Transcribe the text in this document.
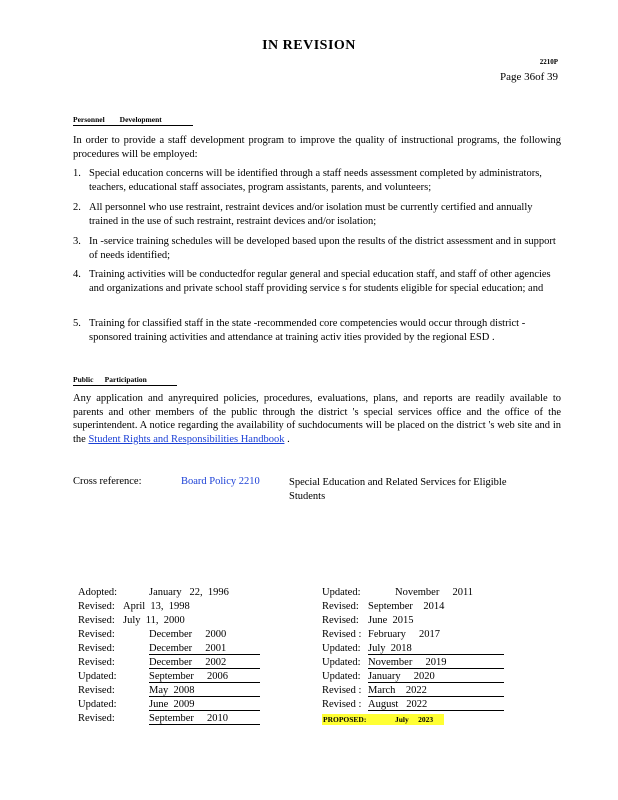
IN REVISION
2210P
Page 36of 39
Personnel        Development
In order to provide a staff development program to improve the quality of instructional programs, the following procedures will be employed:
1. Special education concerns will be identified through a staff needs assessment completed by administrators, teachers, educational staff associates, program assistants, parents, and volunteers;
2. All personnel who use restraint, restraint devices and/or isolation must be currently certified and annually trained in the use of such restraint, restraint devices and/or isolation;
3. In -service training schedules will be developed based upon the results of the district assessment and in support of needs identified;
4. Training activities will be conductedfor regular general and special education staff, and staff of other agencies and organizations and private school staff providing service s for students eligible for special education; and
5. Training for classified staff in the state -recommended core competencies would occur through district -sponsored training activities and attendance at training activ ities provided by the regional ESD .
Public      Participation
Any application and anyrequired policies, procedures, evaluations, plans, and reports are readily available to parents and other members of the public through the district 's special services office and the office of the superintendent. A notice regarding the availability of suchdocuments will be placed on the district 's web site and in the Student Rights and Responsibilities Handbook .
Cross reference:	Board Policy 2210	Special Education and Related Services for Eligible Students
Adopted:	January   22,  1996
Revised: April  13,  1998
Revised: July  11,  2000
Revised:	December     2000
Revised:	December     2001
Revised:	December     2002
Updated:	September     2006
Revised:	May  2008
Updated:	June  2009
Revised:	September     2010
Updated:	November     2011
Revised: September    2014
Revised: June  2015
Revised : February     2017
Updated: July  2018
Updated: November     2019
Updated: January     2020
Revised : March    2022
Revised : August   2022
PROPOSED:	July     2023
